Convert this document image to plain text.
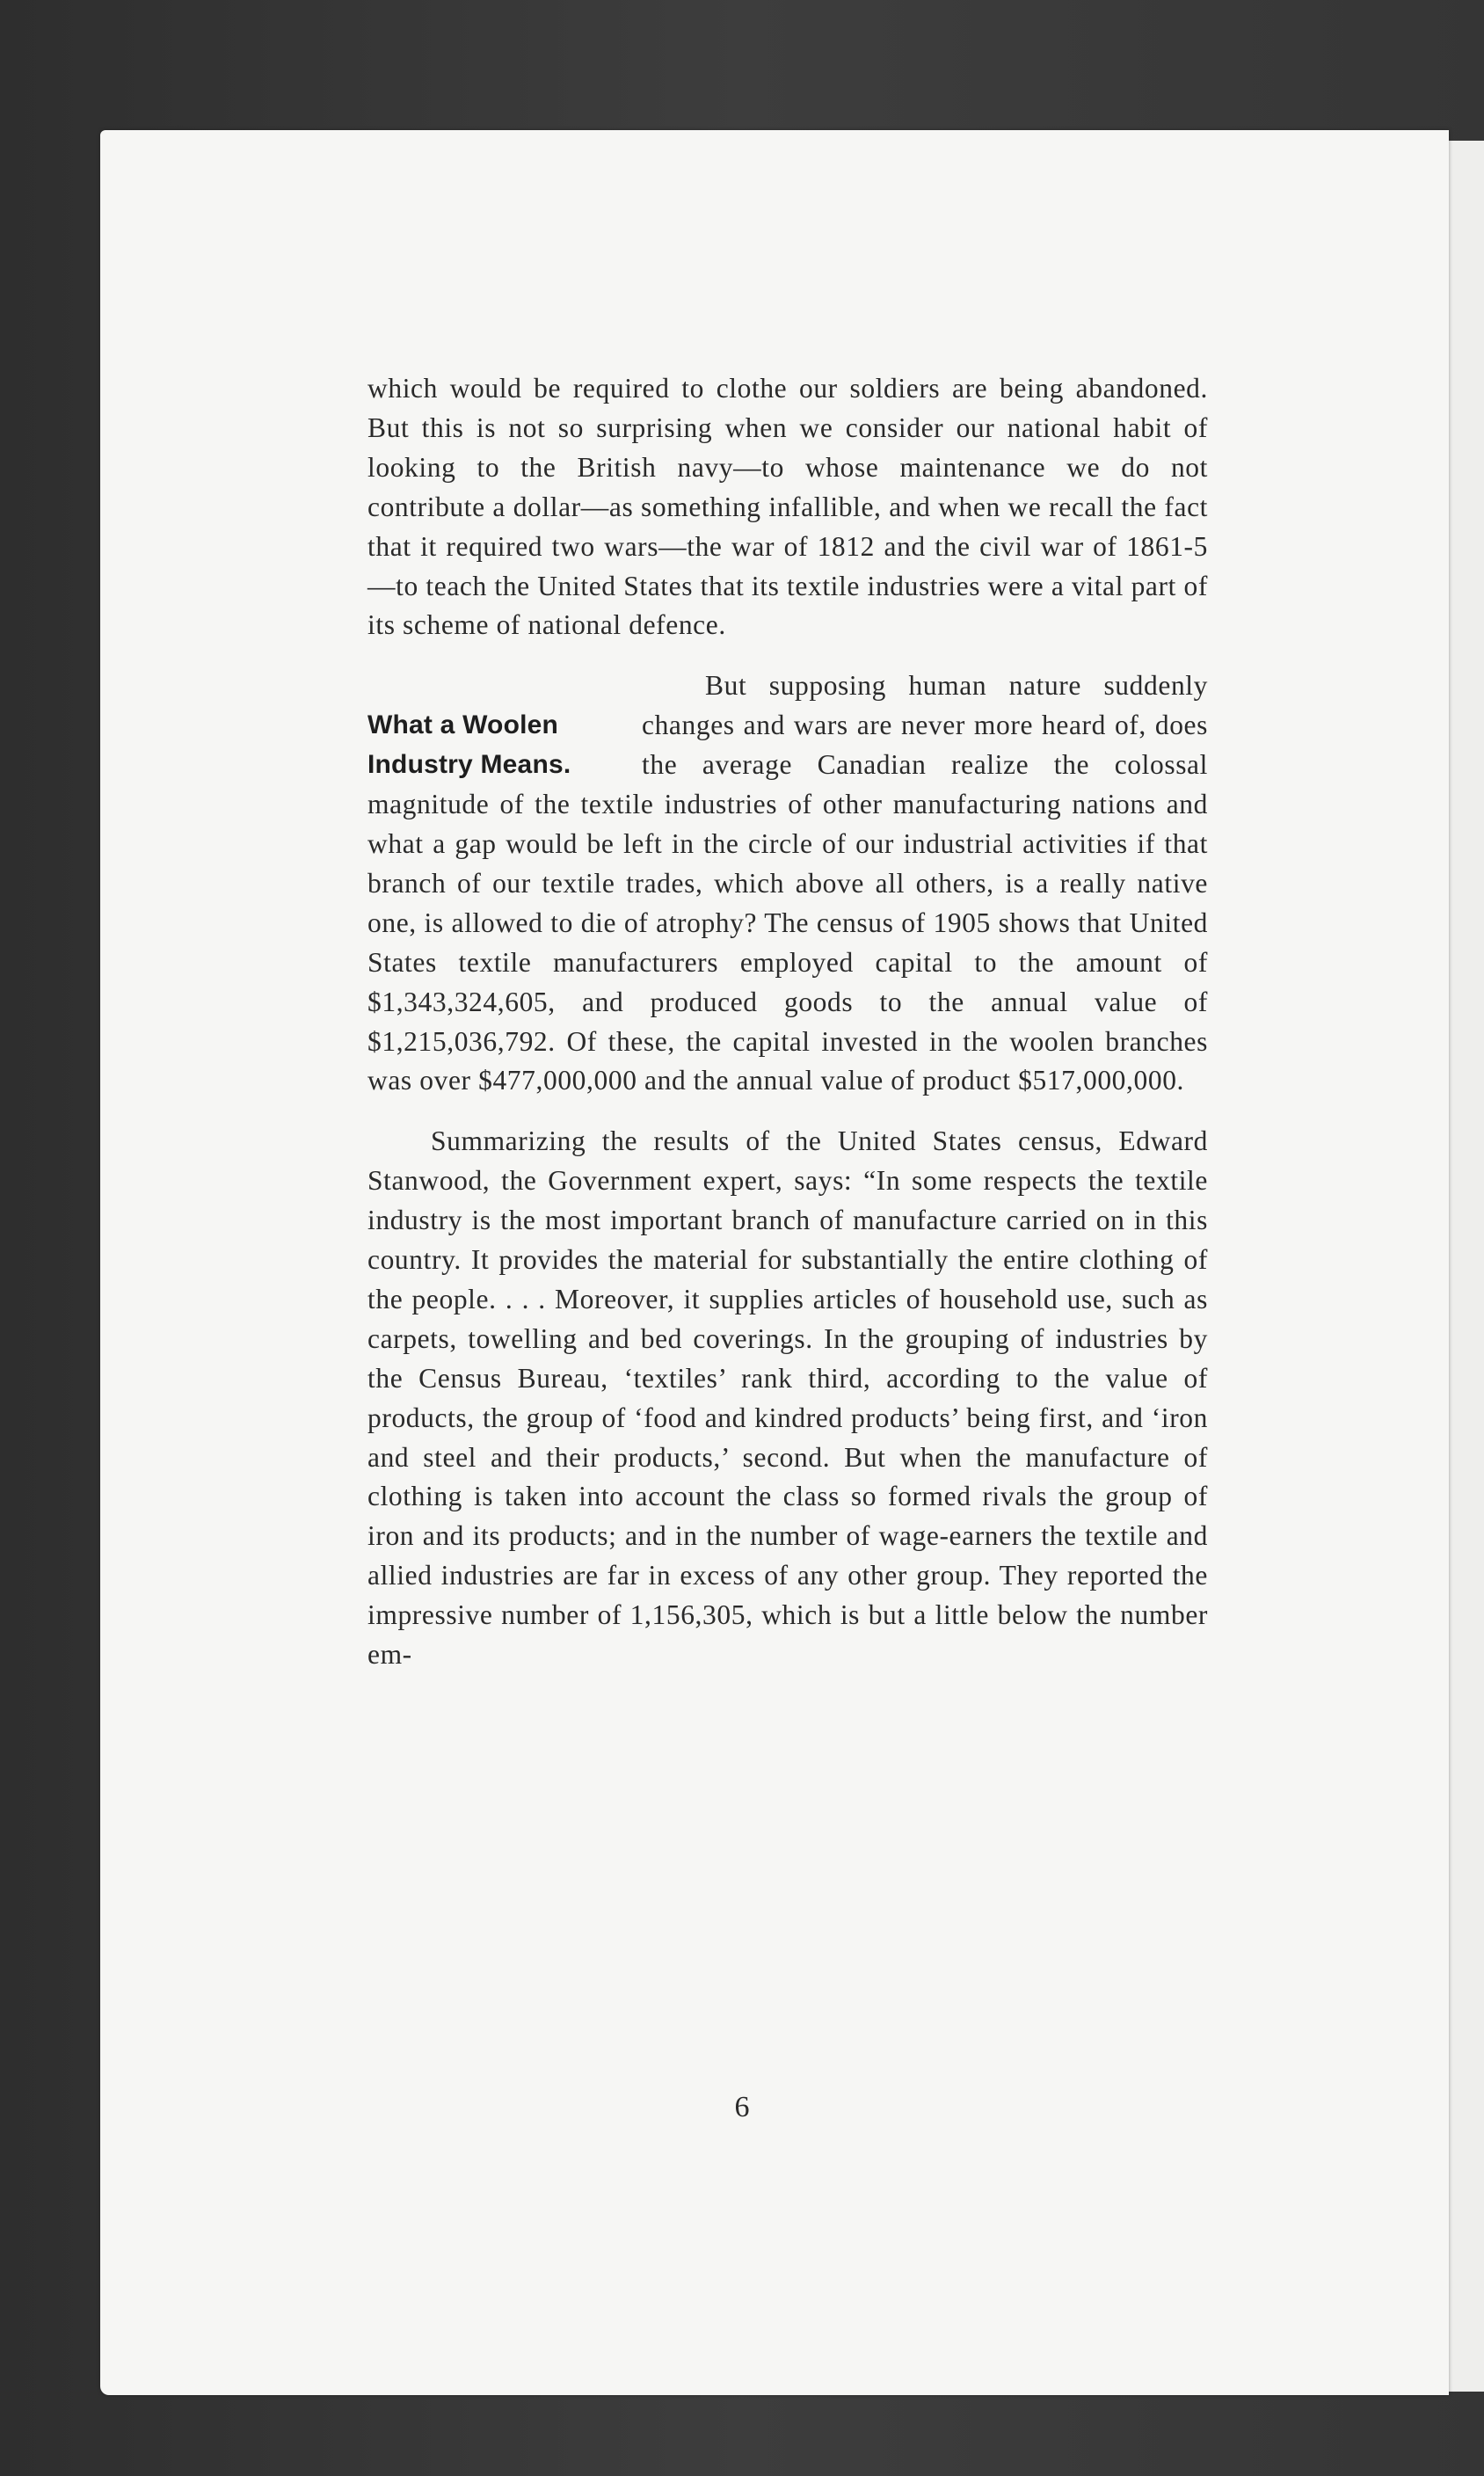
which would be required to clothe our soldiers are being abandoned. But this is not so surprising when we consider our national habit of looking to the British navy—to whose maintenance we do not contribute a dollar—as something infallible, and when we recall the fact that it required two wars—the war of 1812 and the civil war of 1861-5—to teach the United States that its textile industries were a vital part of its scheme of national defence.

What a Woolen
Industry Means.
But supposing human nature suddenly changes and wars are never more heard of, does the average Canadian realize the colossal magnitude of the textile industries of other manufacturing nations and what a gap would be left in the circle of our industrial activities if that branch of our textile trades, which above all others, is a really native one, is allowed to die of atrophy? The census of 1905 shows that United States textile manufacturers employed capital to the amount of $1,343,324,605, and produced goods to the annual value of $1,215,036,792. Of these, the capital invested in the woolen branches was over $477,000,000 and the annual value of product $517,000,000.

Summarizing the results of the United States census, Edward Stanwood, the Government expert, says: “In some respects the textile industry is the most important branch of manufacture carried on in this country. It provides the material for substantially the entire clothing of the people. . . . Moreover, it supplies articles of household use, such as carpets, towelling and bed coverings. In the grouping of industries by the Census Bureau, ‘textiles’ rank third, according to the value of products, the group of ‘food and kindred products’ being first, and ‘iron and steel and their products,’ second. But when the manufacture of clothing is taken into account the class so formed rivals the group of iron and its products; and in the number of wage-earners the textile and allied industries are far in excess of any other group. They reported the impressive number of 1,156,305, which is but a little below the number em-

6
